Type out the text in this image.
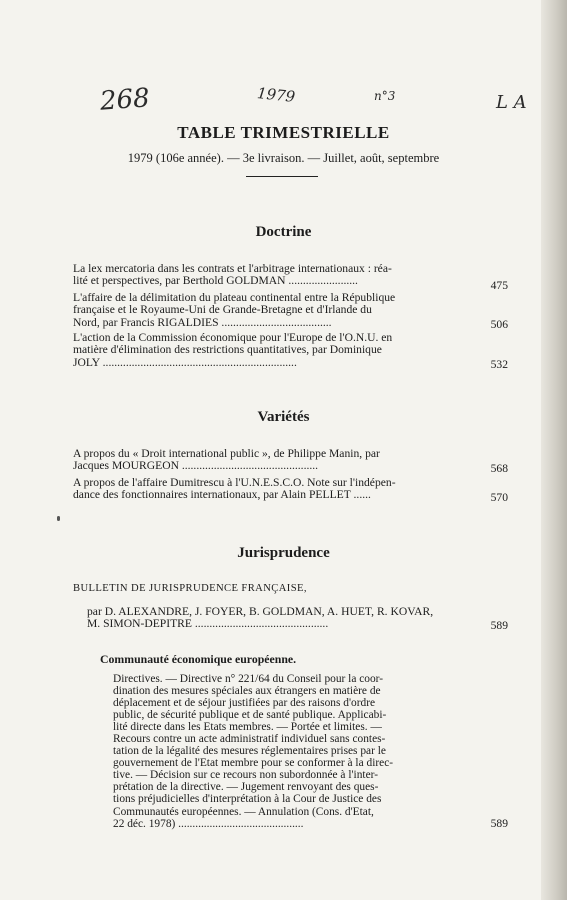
268	1979	n°3	L A
TABLE TRIMESTRIELLE
1979 (106e année). — 3e livraison. — Juillet, août, septembre
Doctrine
La lex mercatoria dans les contrats et l'arbitrage internationaux : réa-
lité et perspectives, par Berthold GOLDMAN ........................	475
L'affaire de la délimitation du plateau continental entre la République
française et le Royaume-Uni de Grande-Bretagne et d'Irlande du
Nord, par Francis RIGALDIES ......................................	506
L'action de la Commission économique pour l'Europe de l'O.N.U. en
matière d'élimination des restrictions quantitatives, par Dominique
JOLY ...................................................................	532
Variétés
A propos du « Droit international public », de Philippe Manin, par
Jacques MOURGEON ...............................................	568
A propos de l'affaire Dumitrescu à l'U.N.E.S.C.O. Note sur l'indépen-
dance des fonctionnaires internationaux, par Alain PELLET ......	570
Jurisprudence
BULLETIN DE JURISPRUDENCE FRANÇAISE,
par D. ALEXANDRE, J. FOYER, B. GOLDMAN, A. HUET, R. KOVAR,
M. SIMON-DEPITRE ..............................................	589
Communauté économique européenne.
Directives. — Directive n° 221/64 du Conseil pour la coor-
dination des mesures spéciales aux étrangers en matière de
déplacement et de séjour justifiées par des raisons d'ordre
public, de sécurité publique et de santé publique. Applicabi-
lité directe dans les Etats membres. — Portée et limites. —
Recours contre un acte administratif individuel sans contes-
tation de la légalité des mesures réglementaires prises par le
gouvernement de l'Etat membre pour se conformer à la direc-
tive. — Décision sur ce recours non subordonnée à l'inter-
prétation de la directive. — Jugement renvoyant des ques-
tions préjudicielles d'interprétation à la Cour de Justice des
Communautés européennes. — Annulation (Cons. d'Etat,
22 déc. 1978) ............................................	589
